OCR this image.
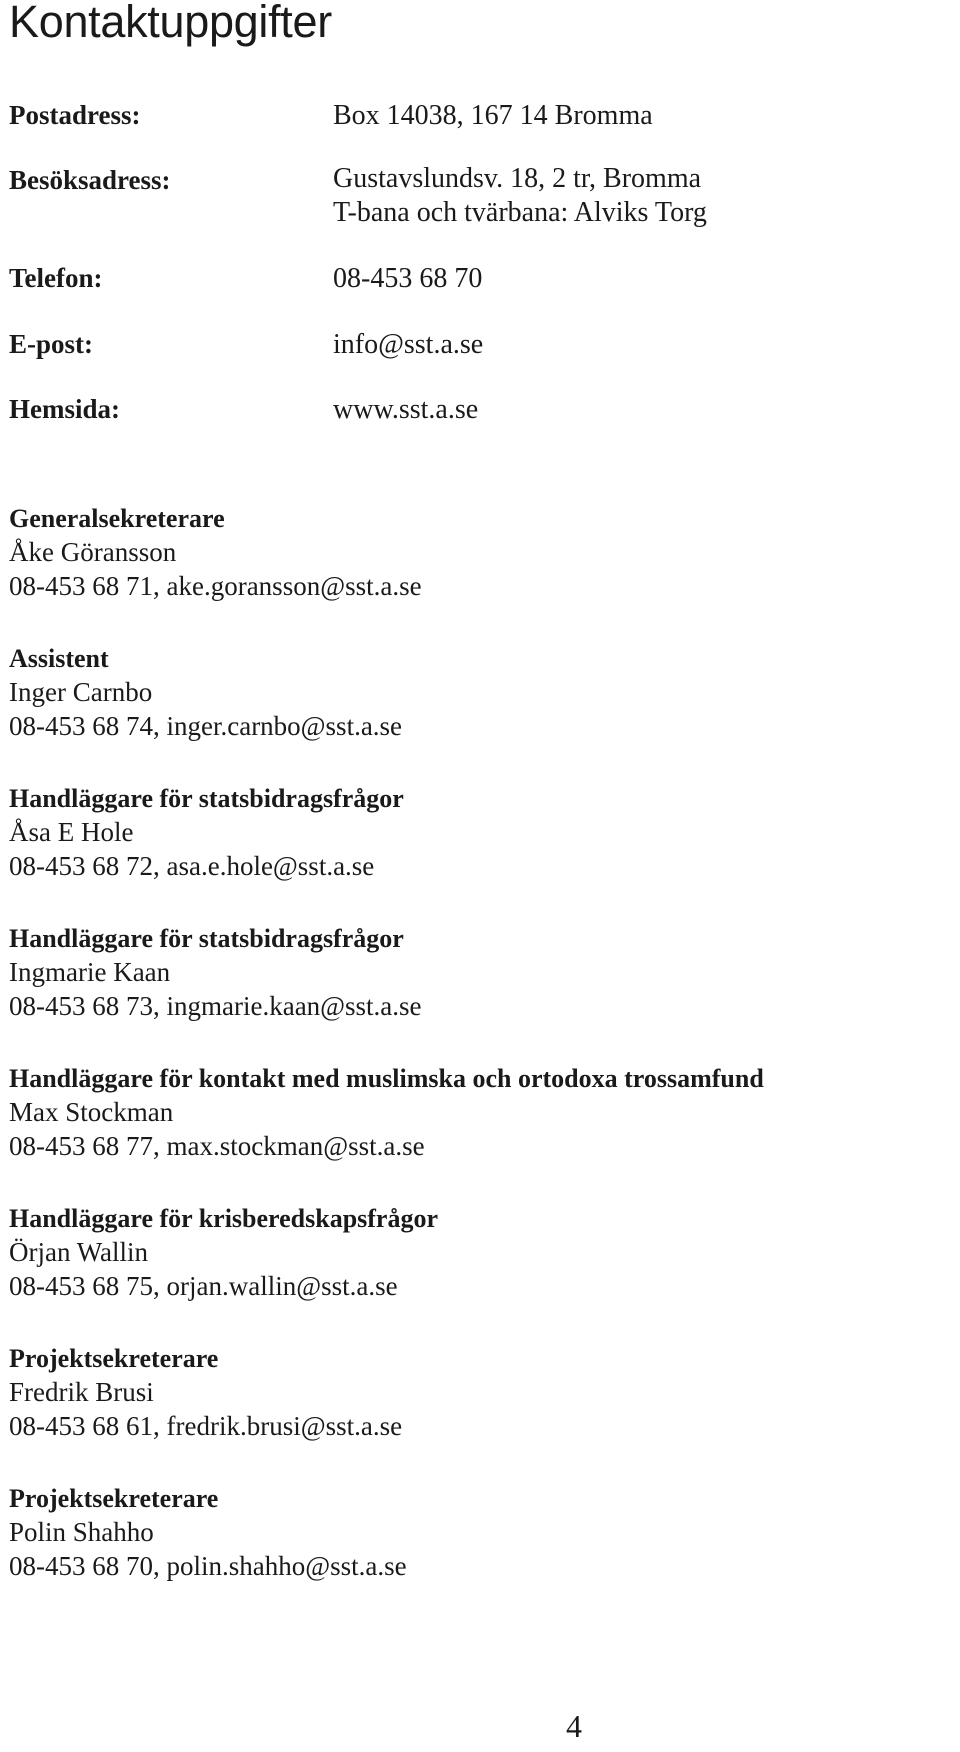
Kontaktuppgifter
Postadress:	Box 14038, 167 14 Bromma
Besöksadress:	Gustavslundsv. 18, 2 tr, Bromma
T-bana och tvärbana: Alviks Torg
Telefon:	08-453 68 70
E-post:	info@sst.a.se
Hemsida:	www.sst.a.se
Generalsekreterare
Åke Göransson
08-453 68 71, ake.goransson@sst.a.se
Assistent
Inger Carnbo
08-453 68 74, inger.carnbo@sst.a.se
Handläggare för statsbidragsfrågor
Åsa E Hole
08-453 68 72, asa.e.hole@sst.a.se
Handläggare för statsbidragsfrågor
Ingmarie Kaan
08-453 68 73, ingmarie.kaan@sst.a.se
Handläggare för kontakt med muslimska och ortodoxa trossamfund
Max Stockman
08-453 68 77, max.stockman@sst.a.se
Handläggare för krisberedskapsfrågor
Örjan Wallin
08-453 68 75, orjan.wallin@sst.a.se
Projektsekreterare
Fredrik Brusi
08-453 68 61, fredrik.brusi@sst.a.se
Projektsekreterare
Polin Shahho
08-453 68 70, polin.shahho@sst.a.se
4
